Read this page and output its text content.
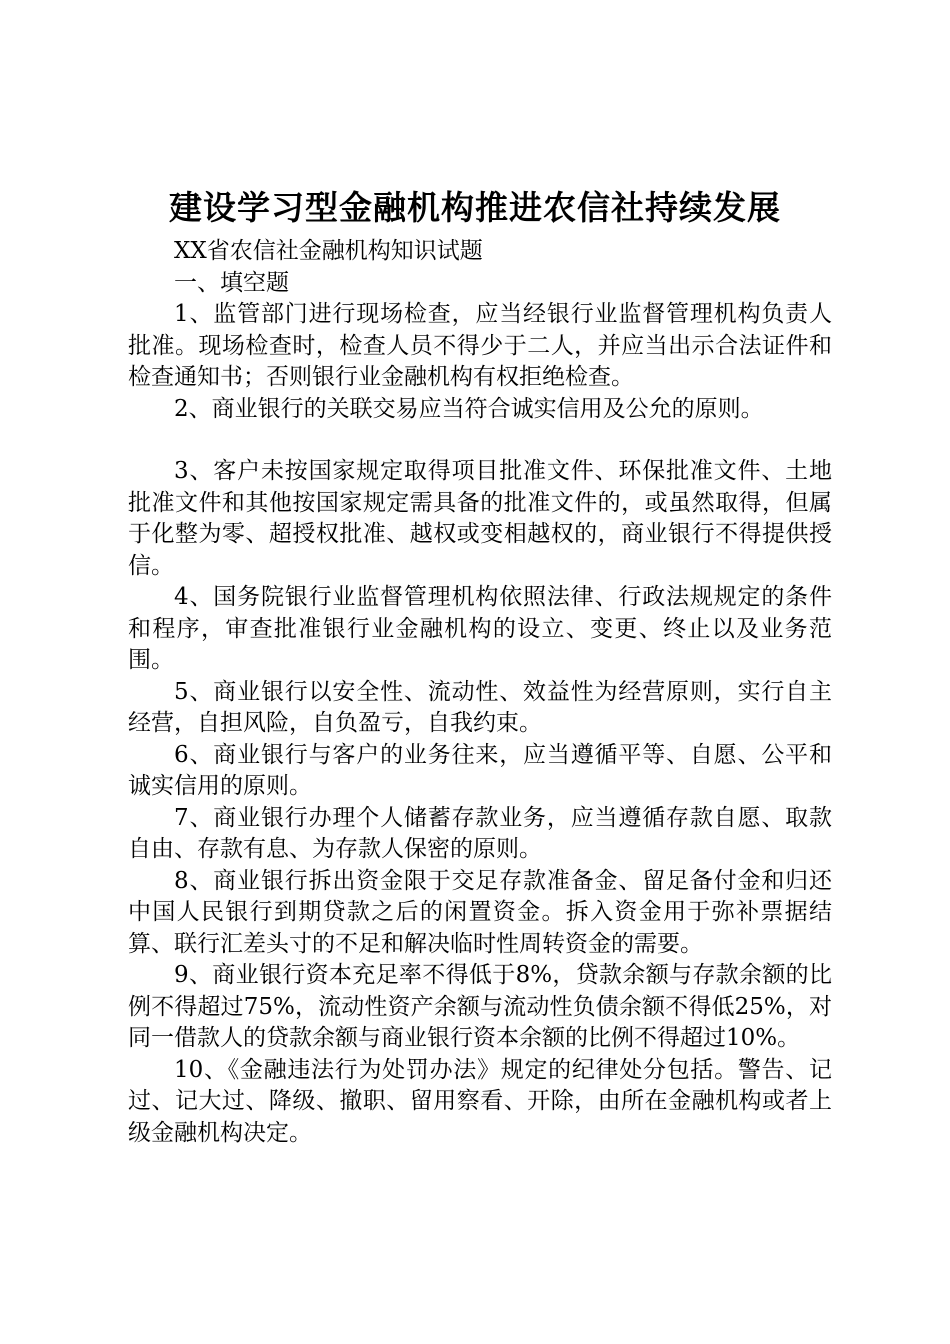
建设学习型金融机构推进农信社持续发展

XX省农信社金融机构知识试题

一、填空题

1、监管部门进行现场检查，应当经银行业监督管理机构负责人批准。现场检查时，检查人员不得少于二人，并应当出示合法证件和检查通知书；否则银行业金融机构有权拒绝检查。

2、商业银行的关联交易应当符合诚实信用及公允的原则。

3、客户未按国家规定取得项目批准文件、环保批准文件、土地批准文件和其他按国家规定需具备的批准文件的，或虽然取得，但属于化整为零、超授权批准、越权或变相越权的，商业银行不得提供授信。

4、国务院银行业监督管理机构依照法律、行政法规规定的条件和程序，审查批准银行业金融机构的设立、变更、终止以及业务范围。

5、商业银行以安全性、流动性、效益性为经营原则，实行自主经营，自担风险，自负盈亏，自我约束。

6、商业银行与客户的业务往来，应当遵循平等、自愿、公平和诚实信用的原则。

7、商业银行办理个人储蓄存款业务，应当遵循存款自愿、取款自由、存款有息、为存款人保密的原则。

8、商业银行拆出资金限于交足存款准备金、留足备付金和归还中国人民银行到期贷款之后的闲置资金。拆入资金用于弥补票据结算、联行汇差头寸的不足和解决临时性周转资金的需要。

9、商业银行资本充足率不得低于8%，贷款余额与存款余额的比例不得超过75%，流动性资产余额与流动性负债余额不得低25%，对同一借款人的贷款余额与商业银行资本余额的比例不得超过10%。

10、《金融违法行为处罚办法》规定的纪律处分包括。警告、记过、记大过、降级、撤职、留用察看、开除，由所在金融机构或者上级金融机构决定。
